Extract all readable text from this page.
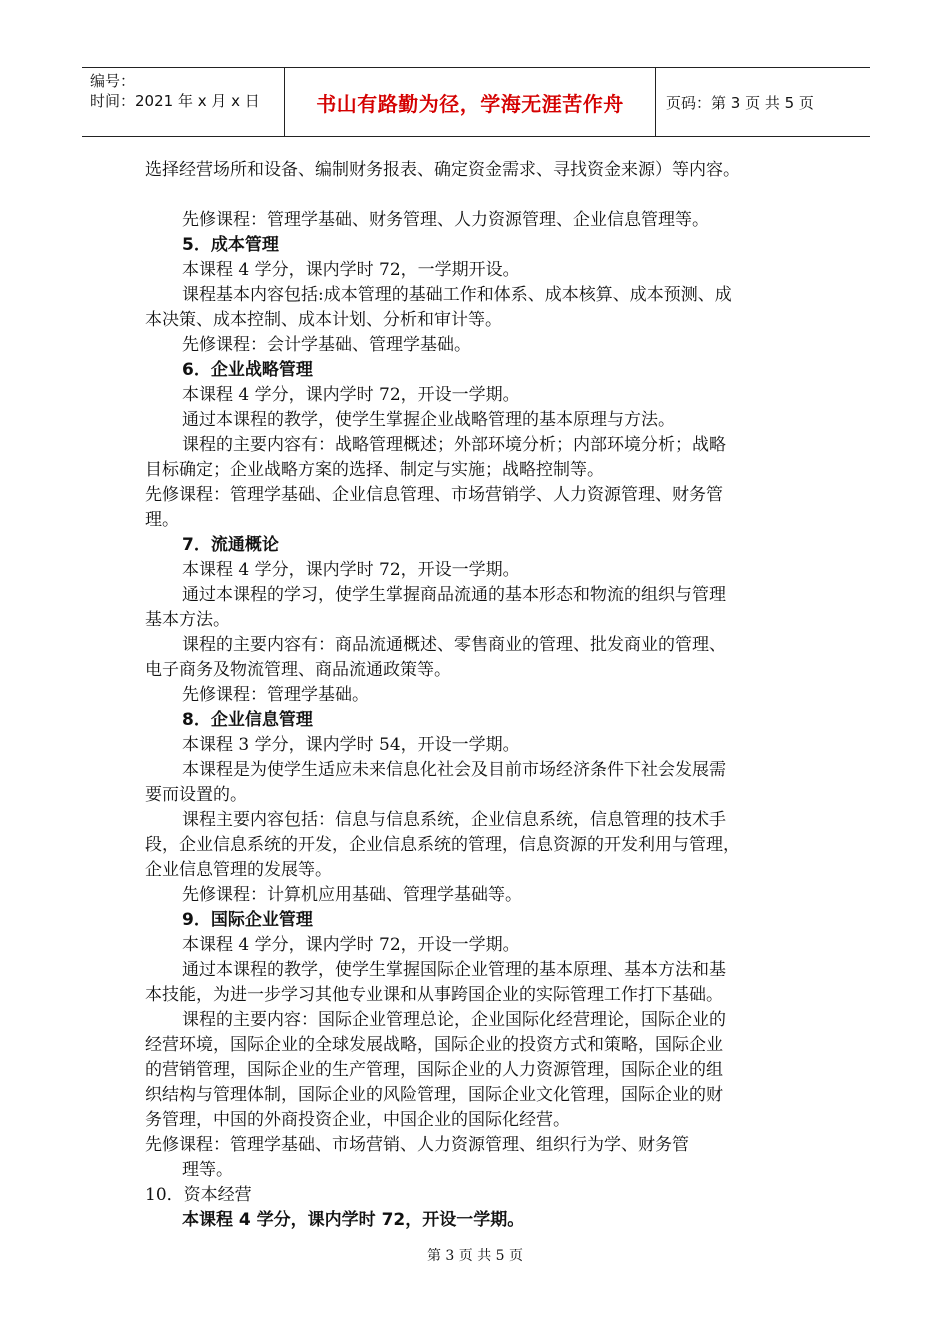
编号：
时间：2021 年 x 月 x 日	书山有路勤为径，学海无涯苦作舟	页码：第 3 页 共 5 页
选择经营场所和设备、编制财务报表、确定资金需求、寻找资金来源）等内容。
先修课程：管理学基础、财务管理、人力资源管理、企业信息管理等。
5．成本管理
本课程 4 学分，课内学时 72，一学期开设。
课程基本内容包括:成本管理的基础工作和体系、成本核算、成本预测、成
本决策、成本控制、成本计划、分析和审计等。
先修课程：会计学基础、管理学基础。
6．企业战略管理
本课程 4 学分，课内学时 72，开设一学期。
通过本课程的教学，使学生掌握企业战略管理的基本原理与方法。
课程的主要内容有：战略管理概述；外部环境分析；内部环境分析；战略
目标确定；企业战略方案的选择、制定与实施；战略控制等。
先修课程：管理学基础、企业信息管理、市场营销学、人力资源管理、财务管
理。
7．流通概论
本课程 4 学分，课内学时 72，开设一学期。
通过本课程的学习，使学生掌握商品流通的基本形态和物流的组织与管理
基本方法。
课程的主要内容有：商品流通概述、零售商业的管理、批发商业的管理、
电子商务及物流管理、商品流通政策等。
先修课程：管理学基础。
8．企业信息管理
本课程 3 学分，课内学时 54，开设一学期。
本课程是为使学生适应未来信息化社会及目前市场经济条件下社会发展需
要而设置的。
课程主要内容包括：信息与信息系统，企业信息系统，信息管理的技术手
段，企业信息系统的开发，企业信息系统的管理，信息资源的开发利用与管理，
企业信息管理的发展等。
先修课程：计算机应用基础、管理学基础等。
9．国际企业管理
本课程 4 学分，课内学时 72，开设一学期。
通过本课程的教学，使学生掌握国际企业管理的基本原理、基本方法和基
本技能，为进一步学习其他专业课和从事跨国企业的实际管理工作打下基础。
课程的主要内容：国际企业管理总论，企业国际化经营理论，国际企业的
经营环境，国际企业的全球发展战略，国际企业的投资方式和策略，国际企业
的营销管理，国际企业的生产管理，国际企业的人力资源管理，国际企业的组
织结构与管理体制，国际企业的风险管理，国际企业文化管理，国际企业的财
务管理，中国的外商投资企业，中国企业的国际化经营。
先修课程：管理学基础、市场营销、人力资源管理、组织行为学、财务管
理等。
10．资本经营
本课程 4 学分，课内学时 72，开设一学期。
第 3 页 共 5 页
